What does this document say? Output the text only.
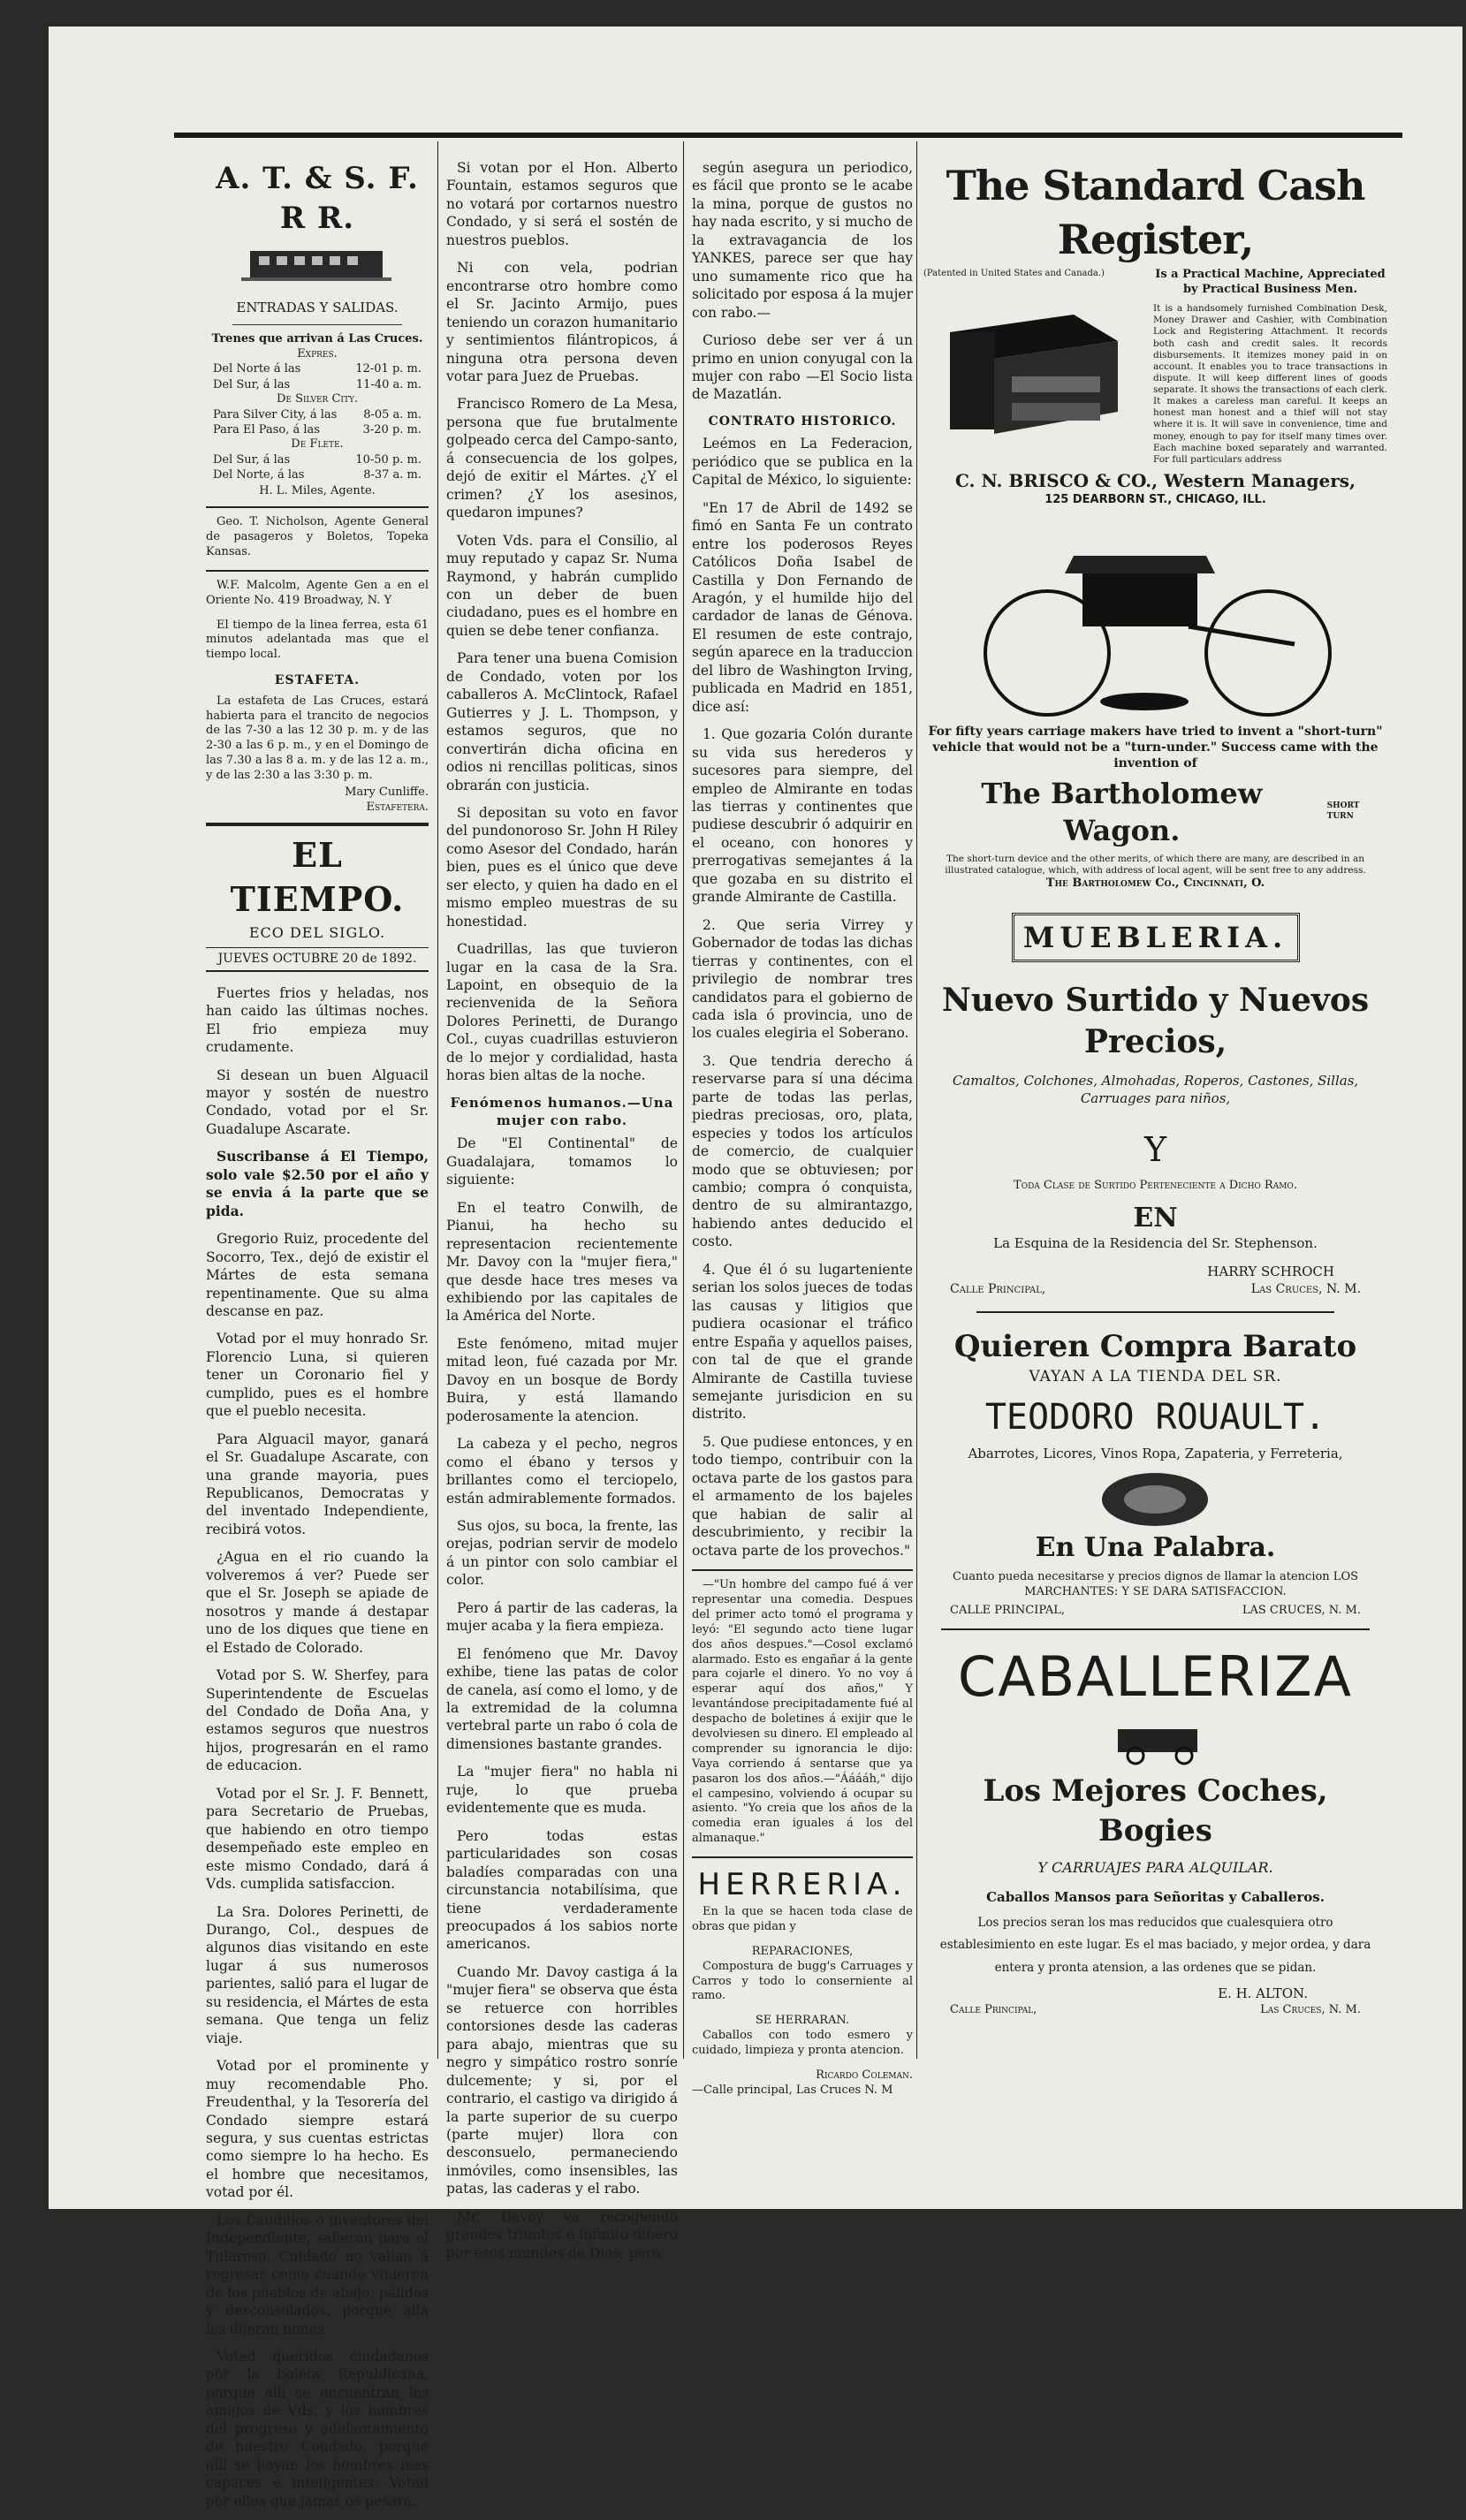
A. T. & S. F. R R.
ENTRADAS Y SALIDAS.
Trenes que arrivan á Las Cruces.
Expres.
Del Norte á las	12-01 p. m.
Del Sur, á las	11-40 a. m.
De Silver City.
Para Silver City, á las 8-05 a. m.
Para El Paso, á las	3-20 p. m.
De Flete.
Del Sur, á las	10-50 p. m.
Del Norte, á las	8-37 a. m.
H. L. Miles, Agente.

Geo. T. Nicholson, Agente General de pasageros y Boletos, Topeka Kansas.

W.F. Malcolm, Agente Gen a en el Oriente No. 419 Broadway, N. Y

El tiempo de la linea ferrea, esta 61 minutos adelantada mas que el tiempo local.

ESTAFETA.

La estafeta de Las Cruces, estará habierta para el trancito de negocios de las 7-30 a las 12 30 p. m. y de las 2-30 a las 6 p. m., y en el Domingo de las 7.30 a las 8 a. m. y de las 12 a. m., y de las 2:30 a las 3:30 p. m.

Mary Cunliffe.
Estafetera.
EL TIEMPO.
ECO DEL SIGLO.
JUEVES OCTUBRE 20 de 1892.

Fuertes frios y heladas, nos han caido las últimas noches. El frio empieza muy crudamente.

Si desean un buen Alguacil mayor y sostén de nuestro Condado, votad por el Sr. Guadalupe Ascarate.

Suscribanse á El Tiempo, solo vale $2.50 por el año y se envia á la parte que se pida.

Gregorio Ruiz, procedente del Socorro, Tex., dejó de existir el Mártes de esta semana repentinamente. Que su alma descanse en paz.

Votad por el muy honrado Sr. Florencio Luna, si quieren tener un Coronario fiel y cumplido, pues es el hombre que el pueblo necesita.

Para Alguacil mayor, ganará el Sr. Guadalupe Ascarate, con una grande mayoria, pues Republicanos, Democratas y del inventado Independiente, recibirá votos.

¿Agua en el rio cuando la volveremos á ver? Puede ser que el Sr. Joseph se apiade de nosotros y mande á destapar uno de los diques que tiene en el Estado de Colorado.

Votad por S. W. Sherfey, para Superintendente de Escuelas del Condado de Doña Ana, y estamos seguros que nuestros hijos, progresarán en el ramo de educacion.

Votad por el Sr. J. F. Bennett, para Secretario de Pruebas, que habiendo en otro tiempo desempeñado este empleo en este mismo Condado, dará á Vds. cumplida satisfaccion.

La Sra. Dolores Perinetti, de Durango, Col., despues de algunos dias visitando en este lugar á sus numerosos parientes, salió para el lugar de su residencia, el Mártes de esta semana. Que tenga un feliz viaje.

Votad por el prominente y muy recomendable Pho. Freudenthal, y la Tesorería del Condado siempre estará segura, y sus cuentas estrictas como siempre lo ha hecho. Es el hombre que necesitamos, votad por él.

Los Caudillos ó inventores del Independiente, salieron para el Tularoso. Cuidado no vallan á regresar como cuando vinieron de los pueblos de abajo, pálidos y desconsolados, porque allá les dijeran nones.

Votad queridos ciudadanos por la boleta Republicana, porque allí se encuentran los amigos de Vds. y los hombres del progreso y adelantamiento de nuestro Condado, porque allí se hayan los hombres mas capaces é inteligentes. Votad por ellos que jamas os pesará.

Si votan por el Hon. Alberto Fountain, estamos seguros que no votará por cortarnos nuestro Condado, y si será el sostén de nuestros pueblos.

Ni con vela, podrian encontrarse otro hombre como el Sr. Jacinto Armijo, pues teniendo un corazon humanitario y sentimientos filántropicos, á ninguna otra persona deven votar para Juez de Pruebas.

Francisco Romero de La Mesa, persona que fue brutalmente golpeado cerca del Campo-santo, á consecuencia de los golpes, dejó de exitir el Mártes. ¿Y el crimen? ¿Y los asesinos, quedaron impunes?

Voten Vds. para el Consilio, al muy reputado y capaz Sr. Numa Raymond, y habrán cumplido con un deber de buen ciudadano, pues es el hombre en quien se debe tener confianza.

Para tener una buena Comision de Condado, voten por los caballeros A. McClintock, Rafael Gutierres y J. L. Thompson, y estamos seguros, que no convertirán dicha oficina en odios ni rencillas politicas, sinos obrarán con justicia.

Si depositan su voto en favor del pundonoroso Sr. John H Riley como Asesor del Condado, harán bien, pues es el único que deve ser electo, y quien ha dado en el mismo empleo muestras de su honestidad.

Cuadrillas, las que tuvieron lugar en la casa de la Sra. Lapoint, en obsequio de la recienvenida de la Señora Dolores Perinetti, de Durango Col., cuyas cuadrillas estuvieron de lo mejor y cordialidad, hasta horas bien altas de la noche.

Fenómenos humanos.—Una mujer con rabo.

De "El Continental" de Guadalajara, tomamos lo siguiente:

En el teatro Conwilh, de Pianui, ha hecho su representacion recientemente Mr. Davoy con la "mujer fiera," que desde hace tres meses va exhibiendo por las capitales de la América del Norte.

Este fenómeno, mitad mujer mitad leon, fué cazada por Mr. Davoy en un bosque de Bordy Buira, y está llamando poderosamente la atencion.

La cabeza y el pecho, negros como el ébano y tersos y brillantes como el terciopelo, están admirablemente formados.

Sus ojos, su boca, la frente, las orejas, podrian servir de modelo á un pintor con solo cambiar el color.

Pero á partir de las caderas, la mujer acaba y la fiera empieza.

El fenómeno que Mr. Davoy exhibe, tiene las patas de color de canela, así como el lomo, y de la extremidad de la columna vertebral parte un rabo ó cola de dimensiones bastante grandes.

La "mujer fiera" no habla ni ruje, lo que prueba evidentemente que es muda.

Pero todas estas particularidades son cosas baladíes comparadas con una circunstancia notabilísima, que tiene verdaderamente preocupados á los sabios norte americanos.

Cuando Mr. Davoy castiga á la "mujer fiera" se observa que ésta se retuerce con horribles contorsiones desde las caderas para abajo, mientras que su negro y simpático rostro sonríe dulcemente; y si, por el contrario, el castigo va dirigido á la parte superior de su cuerpo (parte mujer) llora con desconsuelo, permaneciendo inmóviles, como insensibles, las patas, las caderas y el rabo.

Mr. Davoy va recogiendo grandes triunfos é infinito dinero por esos mundos de Dios; pero

según asegura un periodico, es fácil que pronto se le acabe la mina, porque de gustos no hay nada escrito, y si mucho de la extravagancia de los YANKES, parece ser que hay uno sumamente rico que ha solicitado por esposa á la mujer con rabo.—

Curioso debe ser ver á un primo en union conyugal con la mujer con rabo —El Socio lista de Mazatlán.

CONTRATO HISTORICO.

Leémos en La Federacion, periódico que se publica en la Capital de México, lo siguiente:

"En 17 de Abril de 1492 se fimó en Santa Fe un contrato entre los poderosos Reyes Católicos Doña Isabel de Castilla y Don Fernando de Aragón, y el humilde hijo del cardador de lanas de Génova. El resumen de este contrajo, según aparece en la traduccion del libro de Washington Irving, publicada en Madrid en 1851, dice así:

1. Que gozaria Colón durante su vida sus herederos y sucesores para siempre, del empleo de Almirante en todas las tierras y continentes que pudiese descubrir ó adquirir en el oceano, con honores y prerrogativas semejantes á la que gozaba en su distrito el grande Almirante de Castilla.

2. Que seria Virrey y Gobernador de todas las dichas tierras y continentes, con el privilegio de nombrar tres candidatos para el gobierno de cada isla ó provincia, uno de los cuales elegiria el Soberano.

3. Que tendria derecho á reservarse para sí una décima parte de todas las perlas, piedras preciosas, oro, plata, especies y todos los artículos de comercio, de cualquier modo que se obtuviesen; por cambio; compra ó conquista, dentro de su almirantazgo, habiendo antes deducido el costo.

4. Que él ó su lugarteniente serian los solos jueces de todas las causas y litigios que pudiera ocasionar el tráfico entre España y aquellos paises, con tal de que el grande Almirante de Castilla tuviese semejante jurisdicion en su distrito.

5. Que pudiese entonces, y en todo tiempo, contribuir con la octava parte de los gastos para el armamento de los bajeles que habian de salir al descubrimiento, y recibir la octava parte de los provechos."

—"Un hombre del campo fué á ver representar una comedia. Despues del primer acto tomó el programa y leyó: "El segundo acto tiene lugar dos años despues."—Cosol exclamó alarmado. Esto es engañar á la gente para cojarle el dinero. Yo no voy á esperar aquí dos años," Y levantándose precipitadamente fué al despacho de boletines á exijir que le devolviesen su dinero. El empleado al comprender su ignorancia le dijo: Vaya corriendo á sentarse que ya pasaron los dos años.—"Ááááh," dijo el campesino, volviendo á ocupar su asiento. "Yo creia que los años de la comedia eran iguales á los del almanaque."

HERRERIA.

En la que se hacen toda clase de obras que pidan y

REPARACIONES,

Compostura de bugg's Carruages y Carros y todo lo conserniente al ramo.

SE HERRARAN.

Caballos con todo esmero y cuidado, limpieza y pronta atencion.

Ricardo Coleman.
—Calle principal, Las Cruces N. M
The Standard Cash Register,
(Patented in United States and Canada.)	Is a Practical Machine, Appreciated by Practical Business Men.
It is a handsomely furnished Combination Desk, Money Drawer and Cashier, with Combination Lock and Registering Attachment. It records both cash and credit sales. It records disbursements. It itemizes money paid in on account. It enables you to trace transactions in dispute. It will keep different lines of goods separate. It shows the transactions of each clerk. It makes a careless man careful. It keeps an honest man honest and a thief will not stay where it is. It will save in convenience, time and money, enough to pay for itself many times over. Each machine boxed separately and warranted. For full particulars address
C. N. BRISCO & CO., Western Managers,
125 DEARBORN ST., CHICAGO, ILL.
For fifty years carriage makers have tried to invent a "short-turn" vehicle that would not be a "turn-under." Success came with the invention of
The Bartholomew Wagon.
SHORT TURN
The short-turn device and the other merits, of which there are many, are described in an illustrated catalogue, which, with address of local agent, will be sent free to any address.
The Bartholomew Co., Cincinnati, O.
MUEBLERIA.
Nuevo Surtido y Nuevos Precios,
Camaltos, Colchones, Almohadas, Roperos, Castones, Sillas, Carruages para niños,
Y
Toda Clase de Surtido Perteneciente a Dicho Ramo.
EN
La Esquina de la Residencia del Sr. Stephenson.
HARRY SCHROCH
Calle Principal,	Las Cruces, N. M.
Quieren Compra Barato
VAYAN A LA TIENDA DEL SR.
TEODORO ROUAULT.
Abarrotes, Licores, Vinos Ropa, Zapateria, y Ferreteria,
En Una Palabra.
Cuanto pueda necesitarse y precios dignos de llamar la atencion LOS MARCHANTES: Y SE DARA SATISFACCION.
CALLE PRINCIPAL,	LAS CRUCES, N. M.
CABALLERIZA
Los Mejores Coches, Bogies
Y CARRUAJES PARA ALQUILAR.
Caballos Mansos para Señoritas y Caballeros.
Los precios seran los mas reducidos que cualesquiera otro establesimiento en este lugar. Es el mas baciado, y mejor ordea, y dara entera y pronta atension, a las ordenes que se pidan.
E. H. ALTON.
Calle Principal,	Las Cruces, N. M.
